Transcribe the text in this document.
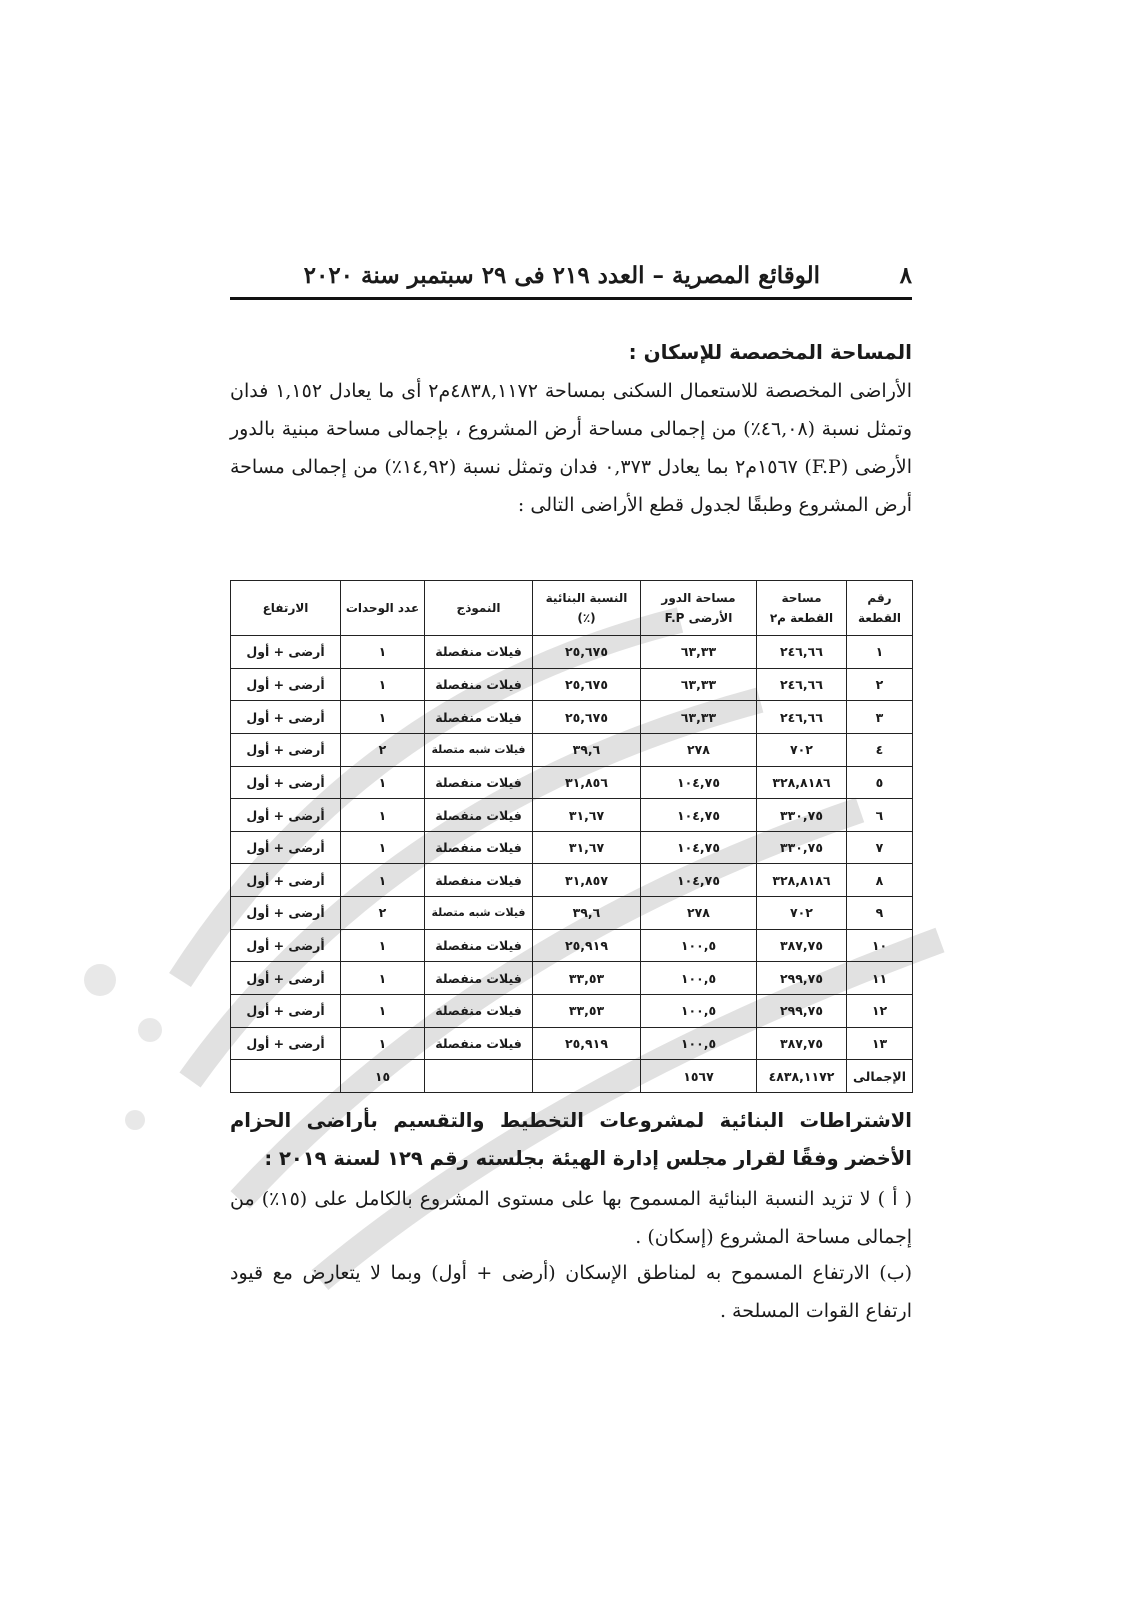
٨
الوقائع المصرية – العدد ٢١٩ فى ٢٩ سبتمبر سنة ٢٠٢٠
المساحة المخصصة للإسكان :
الأراضى المخصصة للاستعمال السكنى بمساحة ٤٨٣٨,١١٧٢م٢ أى ما يعادل ١,١٥٢ فدان وتمثل نسبة (٤٦,٠٨٪) من إجمالى مساحة أرض المشروع ، بإجمالى مساحة مبنية بالدور الأرضى (F.P) ١٥٦٧م٢ بما يعادل ٠,٣٧٣ فدان وتمثل نسبة (١٤,٩٢٪) من إجمالى مساحة أرض المشروع وطبقًا لجدول قطع الأراضى التالى :
رقم القطعة	مساحة القطعة م٢	مساحة الدور الأرضى F.P	النسبة البنائية (٪)	النموذج	عدد الوحدات	الارتفاع
١	٢٤٦,٦٦	٦٣,٣٣	٢٥,٦٧٥	فيلات منفصلة	١	أرضى + أول
٢	٢٤٦,٦٦	٦٣,٣٣	٢٥,٦٧٥	فيلات منفصلة	١	أرضى + أول
٣	٢٤٦,٦٦	٦٣,٣٣	٢٥,٦٧٥	فيلات منفصلة	١	أرضى + أول
٤	٧٠٢	٢٧٨	٣٩,٦	فيلات شبه متصلة	٢	أرضى + أول
٥	٣٢٨,٨١٨٦	١٠٤,٧٥	٣١,٨٥٦	فيلات منفصلة	١	أرضى + أول
٦	٣٣٠,٧٥	١٠٤,٧٥	٣١,٦٧	فيلات منفصلة	١	أرضى + أول
٧	٣٣٠,٧٥	١٠٤,٧٥	٣١,٦٧	فيلات منفصلة	١	أرضى + أول
٨	٣٢٨,٨١٨٦	١٠٤,٧٥	٣١,٨٥٧	فيلات منفصلة	١	أرضى + أول
٩	٧٠٢	٢٧٨	٣٩,٦	فيلات شبه متصلة	٢	أرضى + أول
١٠	٣٨٧,٧٥	١٠٠,٥	٢٥,٩١٩	فيلات منفصلة	١	أرضى + أول
١١	٢٩٩,٧٥	١٠٠,٥	٣٣,٥٣	فيلات منفصلة	١	أرضى + أول
١٢	٢٩٩,٧٥	١٠٠,٥	٣٣,٥٣	فيلات منفصلة	١	أرضى + أول
١٣	٣٨٧,٧٥	١٠٠,٥	٢٥,٩١٩	فيلات منفصلة	١	أرضى + أول
الإجمالى	٤٨٣٨,١١٧٢	١٥٦٧			١٥	
الاشتراطات البنائية لمشروعات التخطيط والتقسيم بأراضى الحزام الأخضر وفقًا لقرار مجلس إدارة الهيئة بجلسته رقم ١٢٩ لسنة ٢٠١٩ :
( أ ) لا تزيد النسبة البنائية المسموح بها على مستوى المشروع بالكامل على (١٥٪) من إجمالى مساحة المشروع (إسكان) .
(ب) الارتفاع المسموح به لمناطق الإسكان (أرضى + أول) وبما لا يتعارض مع قيود ارتفاع القوات المسلحة .
